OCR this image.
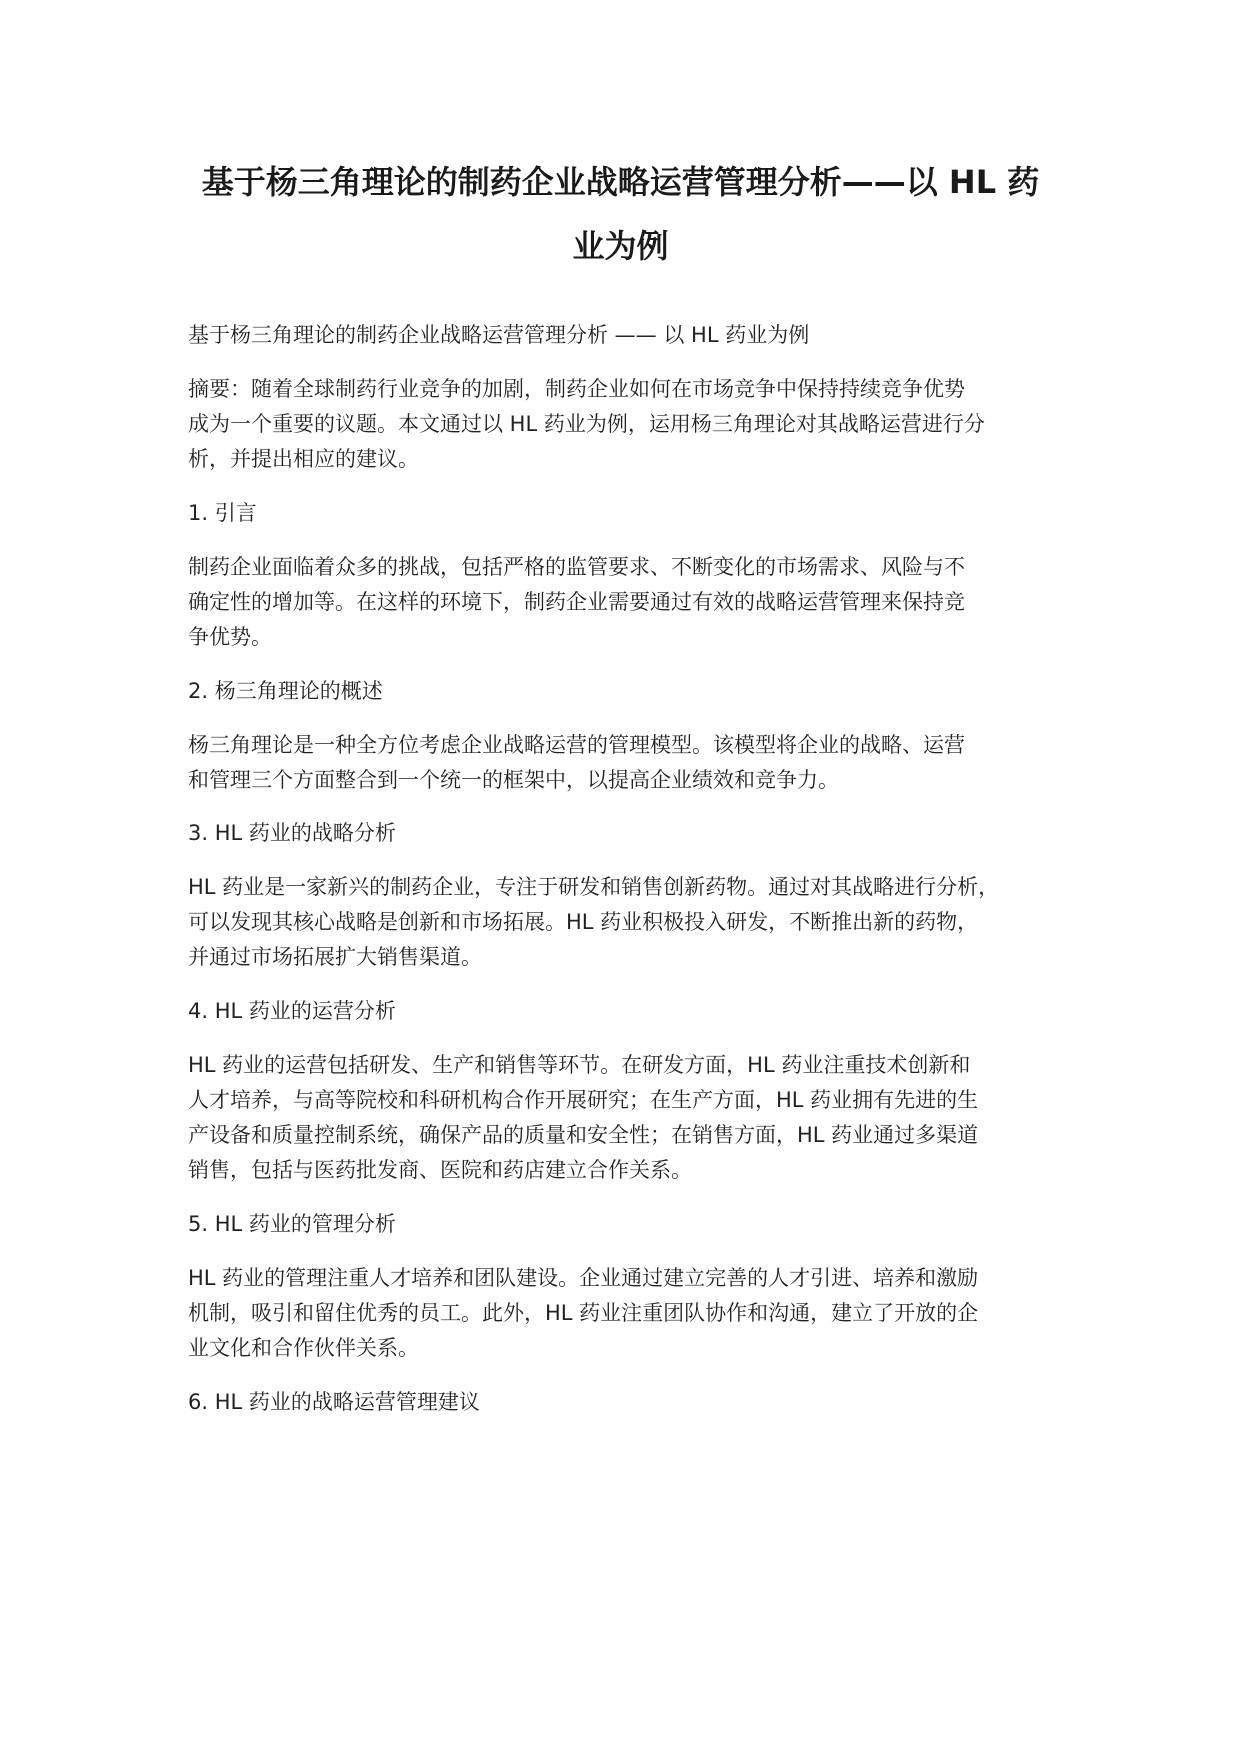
基于杨三角理论的制药企业战略运营管理分析——以 HL 药
业为例
基于杨三角理论的制药企业战略运营管理分析 —— 以 HL 药业为例
摘要：随着全球制药行业竞争的加剧，制药企业如何在市场竞争中保持持续竞争优势
成为一个重要的议题。本文通过以 HL 药业为例，运用杨三角理论对其战略运营进行分
析，并提出相应的建议。
1. 引言
制药企业面临着众多的挑战，包括严格的监管要求、不断变化的市场需求、风险与不
确定性的增加等。在这样的环境下，制药企业需要通过有效的战略运营管理来保持竞
争优势。
2. 杨三角理论的概述
杨三角理论是一种全方位考虑企业战略运营的管理模型。该模型将企业的战略、运营
和管理三个方面整合到一个统一的框架中，以提高企业绩效和竞争力。
3. HL 药业的战略分析
HL 药业是一家新兴的制药企业，专注于研发和销售创新药物。通过对其战略进行分析，
可以发现其核心战略是创新和市场拓展。HL 药业积极投入研发，不断推出新的药物，
并通过市场拓展扩大销售渠道。
4. HL 药业的运营分析
HL 药业的运营包括研发、生产和销售等环节。在研发方面，HL 药业注重技术创新和
人才培养，与高等院校和科研机构合作开展研究；在生产方面，HL 药业拥有先进的生
产设备和质量控制系统，确保产品的质量和安全性；在销售方面，HL 药业通过多渠道
销售，包括与医药批发商、医院和药店建立合作关系。
5. HL 药业的管理分析
HL 药业的管理注重人才培养和团队建设。企业通过建立完善的人才引进、培养和激励
机制，吸引和留住优秀的员工。此外，HL 药业注重团队协作和沟通，建立了开放的企
业文化和合作伙伴关系。
6. HL 药业的战略运营管理建议
